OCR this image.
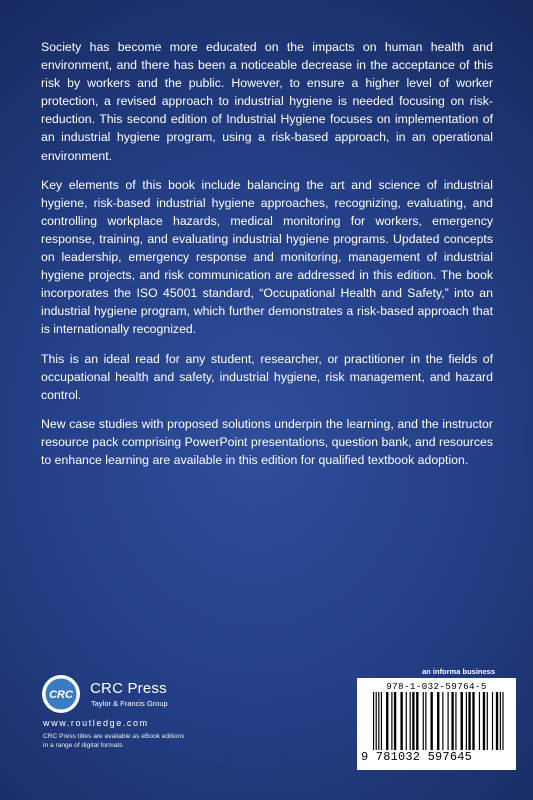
Society has become more educated on the impacts on human health and environment, and there has been a noticeable decrease in the acceptance of this risk by workers and the public. However, to ensure a higher level of worker protection, a revised approach to industrial hygiene is needed focusing on risk-reduction. This second edition of Industrial Hygiene focuses on implementation of an industrial hygiene program, using a risk-based approach, in an operational environment.

Key elements of this book include balancing the art and science of industrial hygiene, risk-based industrial hygiene approaches, recognizing, evaluating, and controlling workplace hazards, medical monitoring for workers, emergency response, training, and evaluating industrial hygiene programs. Updated concepts on leadership, emergency response and monitoring, management of industrial hygiene projects, and risk communication are addressed in this edition. The book incorporates the ISO 45001 standard, “Occupational Health and Safety,” into an industrial hygiene program, which further demonstrates a risk-based approach that is internationally recognized.

This is an ideal read for any student, researcher, or practitioner in the fields of occupational health and safety, industrial hygiene, risk management, and hazard control.

New case studies with proposed solutions underpin the learning, and the instructor resource pack comprising PowerPoint presentations, question bank, and resources to enhance learning are available in this edition for qualified textbook adoption.

an informa business
CRC CRC Press
Taylor & Francis Group
www.routledge.com
CRC Press titles are available as eBook editions
in a range of digital formats
978-1-032-59764-5
9 781032 597645
